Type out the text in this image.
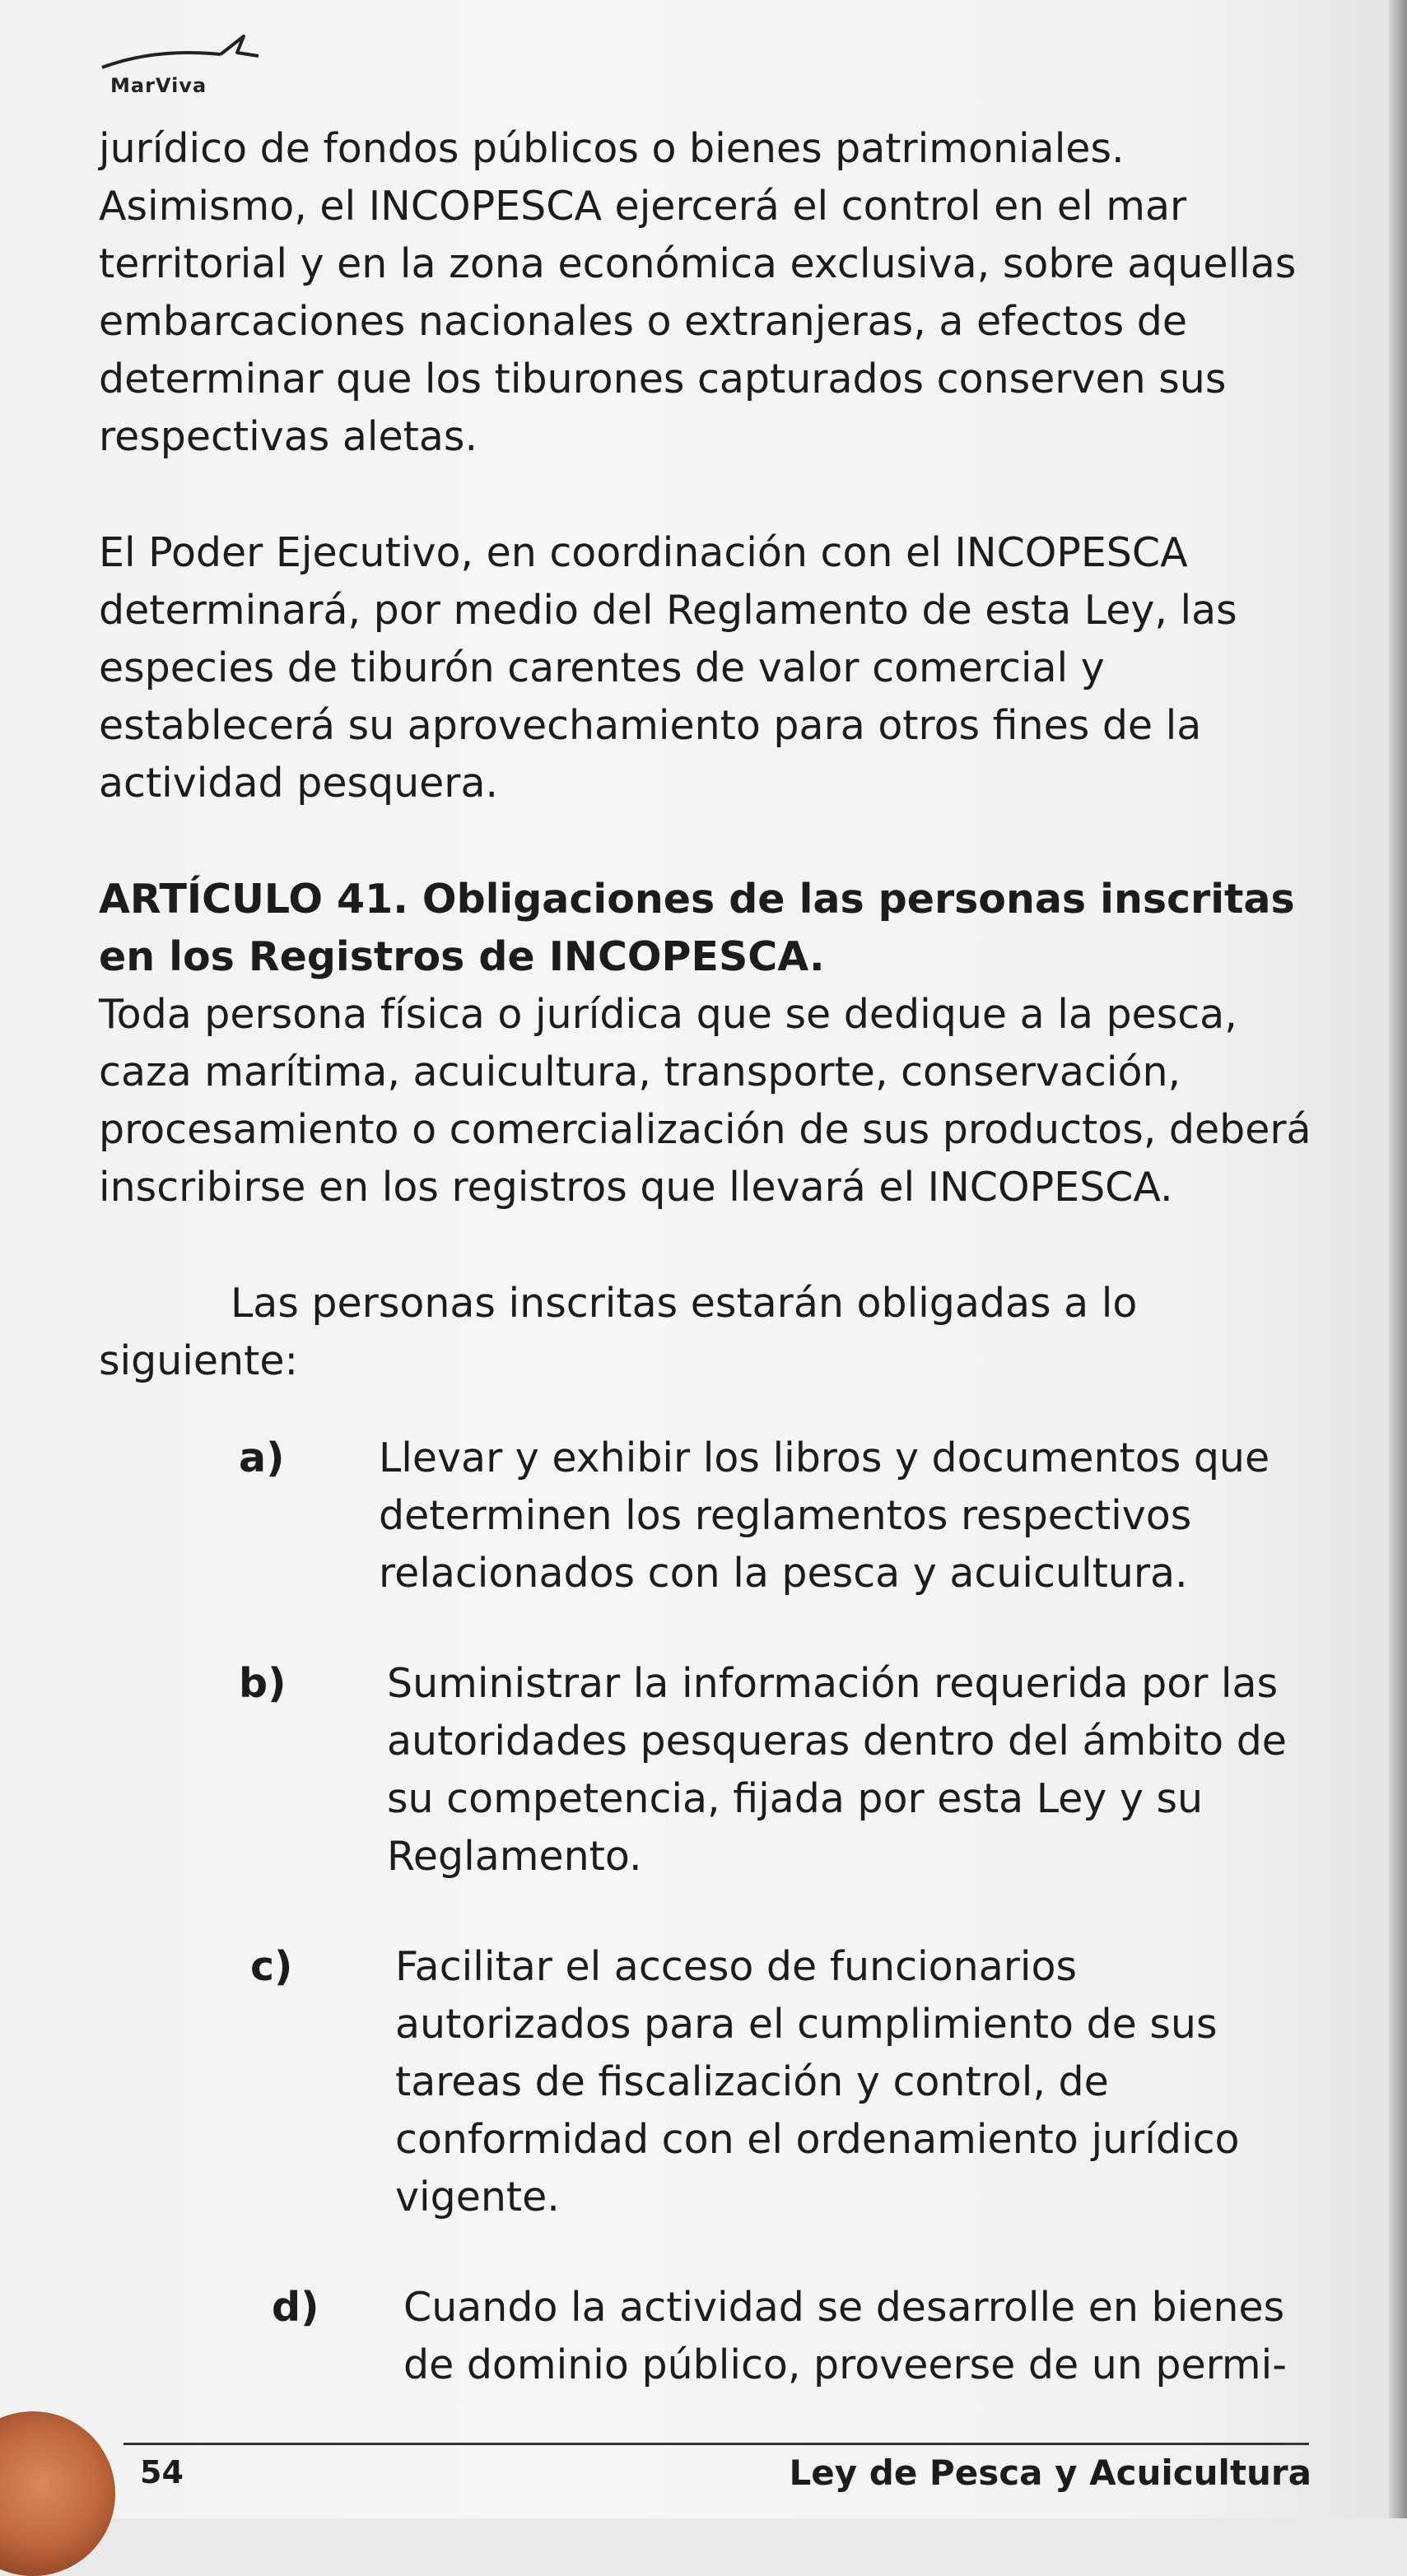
MarViva

jurídico de fondos públicos o bienes patrimoniales. Asimismo, el INCOPESCA ejercerá el control en el mar territorial y en la zona económica exclusiva, sobre aquellas embarcaciones nacionales o extranjeras, a efectos de determinar que los tiburones capturados conserven sus respectivas aletas.

El Poder Ejecutivo, en coordinación con el INCOPESCA determinará, por medio del Reglamento de esta Ley, las especies de tiburón carentes de valor comercial y establecerá su aprovechamiento para otros fines de la actividad pesquera.

ARTÍCULO 41. Obligaciones de las personas inscritas en los Registros de INCOPESCA.

Toda persona física o jurídica que se dedique a la pesca, caza marítima, acuicultura, transporte, conservación, procesamiento o comercialización de sus productos, deberá inscribirse en los registros que llevará el INCOPESCA.

Las personas inscritas estarán obligadas a lo siguiente:

a) Llevar y exhibir los libros y documentos que determinen los reglamentos respectivos relacionados con la pesca y acuicultura.
b)	Suministrar la información requerida por las autoridades pesqueras dentro del ámbito de su competencia, fijada por esta Ley y su Reglamento.
c)	Facilitar el acceso de funcionarios autorizados para el cumplimiento de sus tareas de fiscalización y control, de conformidad con el ordenamiento jurídico vigente.
d) Cuando la actividad se desarrolle en bienes de dominio público, proveerse de un permi-
54	Ley de Pesca y Acuicultura
